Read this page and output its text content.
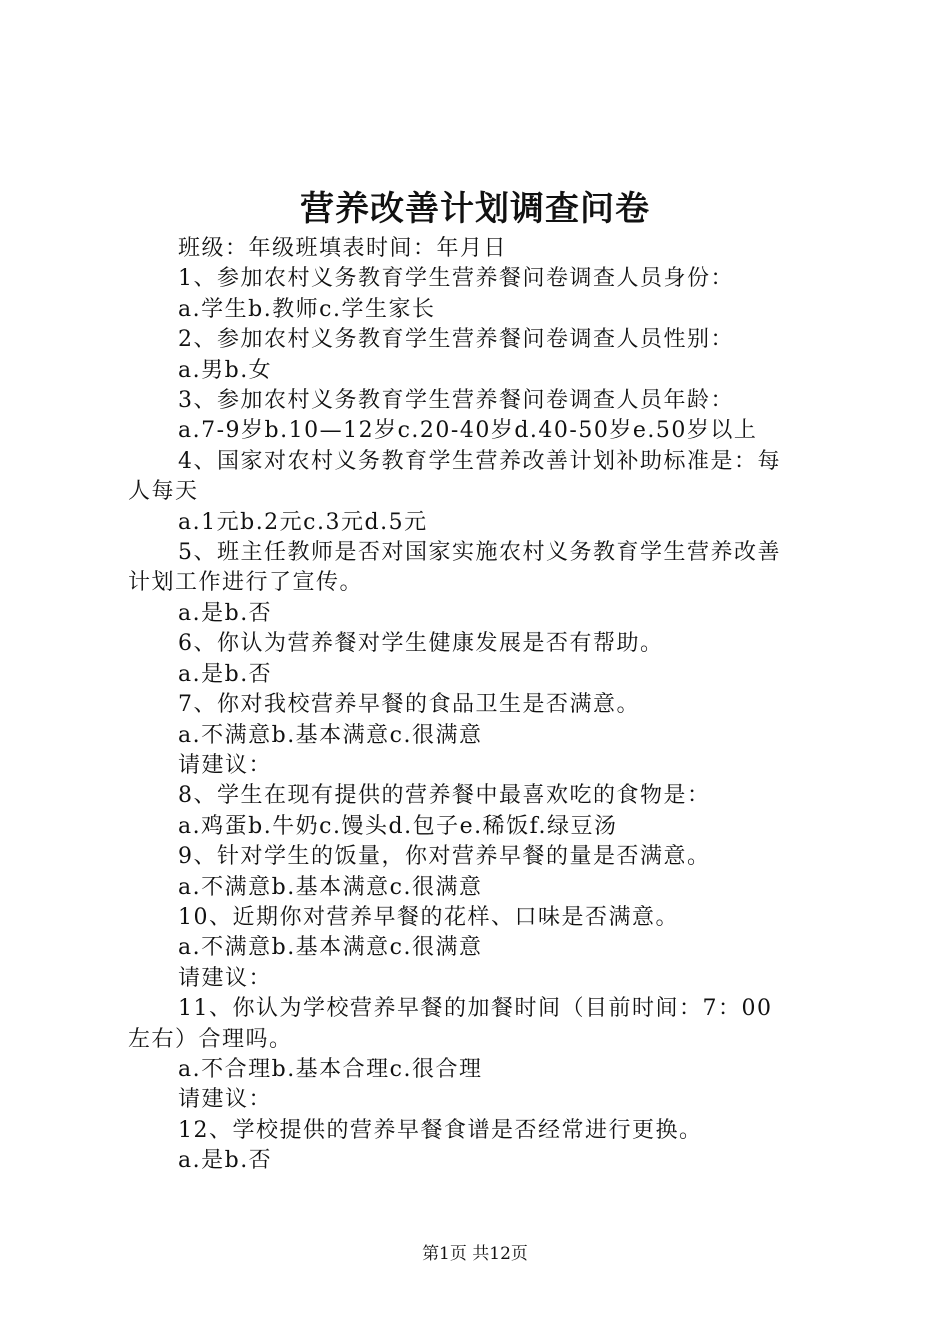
营养改善计划调查问卷
班级：年级班填表时间：年月日
1、参加农村义务教育学生营养餐问卷调查人员身份：
a.学生b.教师c.学生家长
2、参加农村义务教育学生营养餐问卷调查人员性别：
a.男b.女
3、参加农村义务教育学生营养餐问卷调查人员年龄：
a.7-9岁b.10—12岁c.20-40岁d.40-50岁e.50岁以上
4、国家对农村义务教育学生营养改善计划补助标准是：每
人每天
a.1元b.2元c.3元d.5元
5、班主任教师是否对国家实施农村义务教育学生营养改善
计划工作进行了宣传。
a.是b.否
6、你认为营养餐对学生健康发展是否有帮助。
a.是b.否
7、你对我校营养早餐的食品卫生是否满意。
a.不满意b.基本满意c.很满意
请建议：
8、学生在现有提供的营养餐中最喜欢吃的食物是：
a.鸡蛋b.牛奶c.馒头d.包子e.稀饭f.绿豆汤
9、针对学生的饭量，你对营养早餐的量是否满意。
a.不满意b.基本满意c.很满意
10、近期你对营养早餐的花样、口味是否满意。
a.不满意b.基本满意c.很满意
请建议：
11、你认为学校营养早餐的加餐时间（目前时间：7：00
左右）合理吗。
a.不合理b.基本合理c.很合理
请建议：
12、学校提供的营养早餐食谱是否经常进行更换。
a.是b.否
第1页 共12页
